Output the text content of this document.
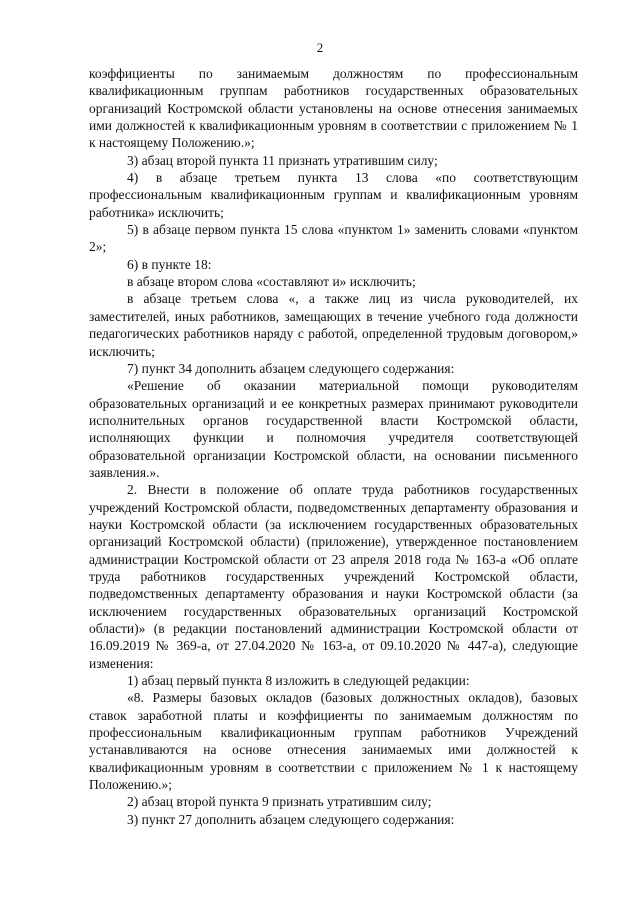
2

коэффициенты по занимаемым должностям по профессиональным квалификационным группам работников государственных образовательных организаций Костромской области установлены на основе отнесения занимаемых ими должностей к квалификационным уровням в соответствии с приложением № 1 к настоящему Положению.»;

3) абзац второй пункта 11 признать утратившим силу;

4) в абзаце третьем пункта 13 слова «по соответствующим профессиональным квалификационным группам и квалификационным уровням работника» исключить;

5) в абзаце первом пункта 15 слова «пунктом 1» заменить словами «пунктом 2»;

6) в пункте 18:

в абзаце втором слова «составляют и» исключить;

в абзаце третьем слова «, а также лиц из числа руководителей, их заместителей, иных работников, замещающих в течение учебного года должности педагогических работников наряду с работой, определенной трудовым договором,» исключить;

7) пункт 34 дополнить абзацем следующего содержания:

«Решение об оказании материальной помощи руководителям образовательных организаций и ее конкретных размерах принимают руководители исполнительных органов государственной власти Костромской области, исполняющих функции и полномочия учредителя соответствующей образовательной организации Костромской области, на основании письменного заявления.».

2. Внести в положение об оплате труда работников государственных учреждений Костромской области, подведомственных департаменту образования и науки Костромской области (за исключением государственных образовательных организаций Костромской области) (приложение), утвержденное постановлением администрации Костромской области от 23 апреля 2018 года № 163-а «Об оплате труда работников государственных учреждений Костромской области, подведомственных департаменту образования и науки Костромской области (за исключением государственных образовательных организаций Костромской области)» (в редакции постановлений администрации Костромской области от 16.09.2019 № 369-а, от 27.04.2020 № 163-а, от 09.10.2020 № 447-а), следующие изменения:

1) абзац первый пункта 8 изложить в следующей редакции:

«8. Размеры базовых окладов (базовых должностных окладов), базовых ставок заработной платы и коэффициенты по занимаемым должностям по профессиональным квалификационным группам работников Учреждений устанавливаются на основе отнесения занимаемых ими должностей к квалификационным уровням в соответствии с приложением № 1 к настоящему Положению.»;

2) абзац второй пункта 9 признать утратившим силу;

3) пункт 27 дополнить абзацем следующего содержания:
